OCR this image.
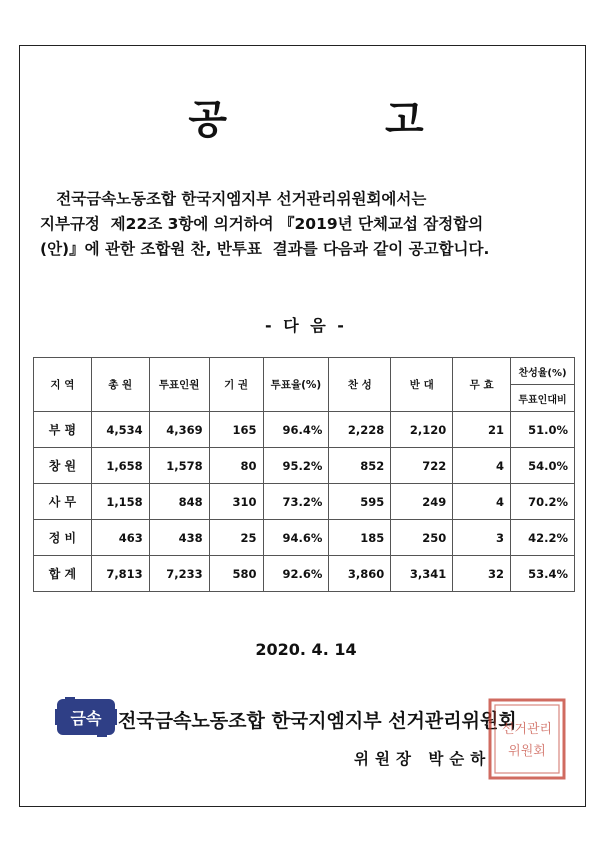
공 고
전국금속노동조합 한국지엠지부 선거관리위원회에서는
지부규정  제22조 3항에 의거하여 『2019년 단체교섭 잠정합의
(안)』에 관한 조합원 찬, 반투표  결과를 다음과 같이 공고합니다.
- 다 음 -
지 역	총 원	투표인원	기 권	투표율(%)	찬 성	반 대	무 효	찬성율(%)
								투표인대비
부 평	4,534	4,369	165	96.4%	2,228	2,120	21	51.0%
창 원	1,658	1,578	80	95.2%	852	722	4	54.0%
사 무	1,158	848	310	73.2%	595	249	4	70.2%
정 비	463	438	25	94.6%	185	250	3	42.2%
합 계	7,813	7,233	580	92.6%	3,860	3,341	32	53.4%
2020. 4. 14
금속 전국금속노동조합 한국지엠지부 선거관리위원회
위원장 박순하
선거관리
위원회
